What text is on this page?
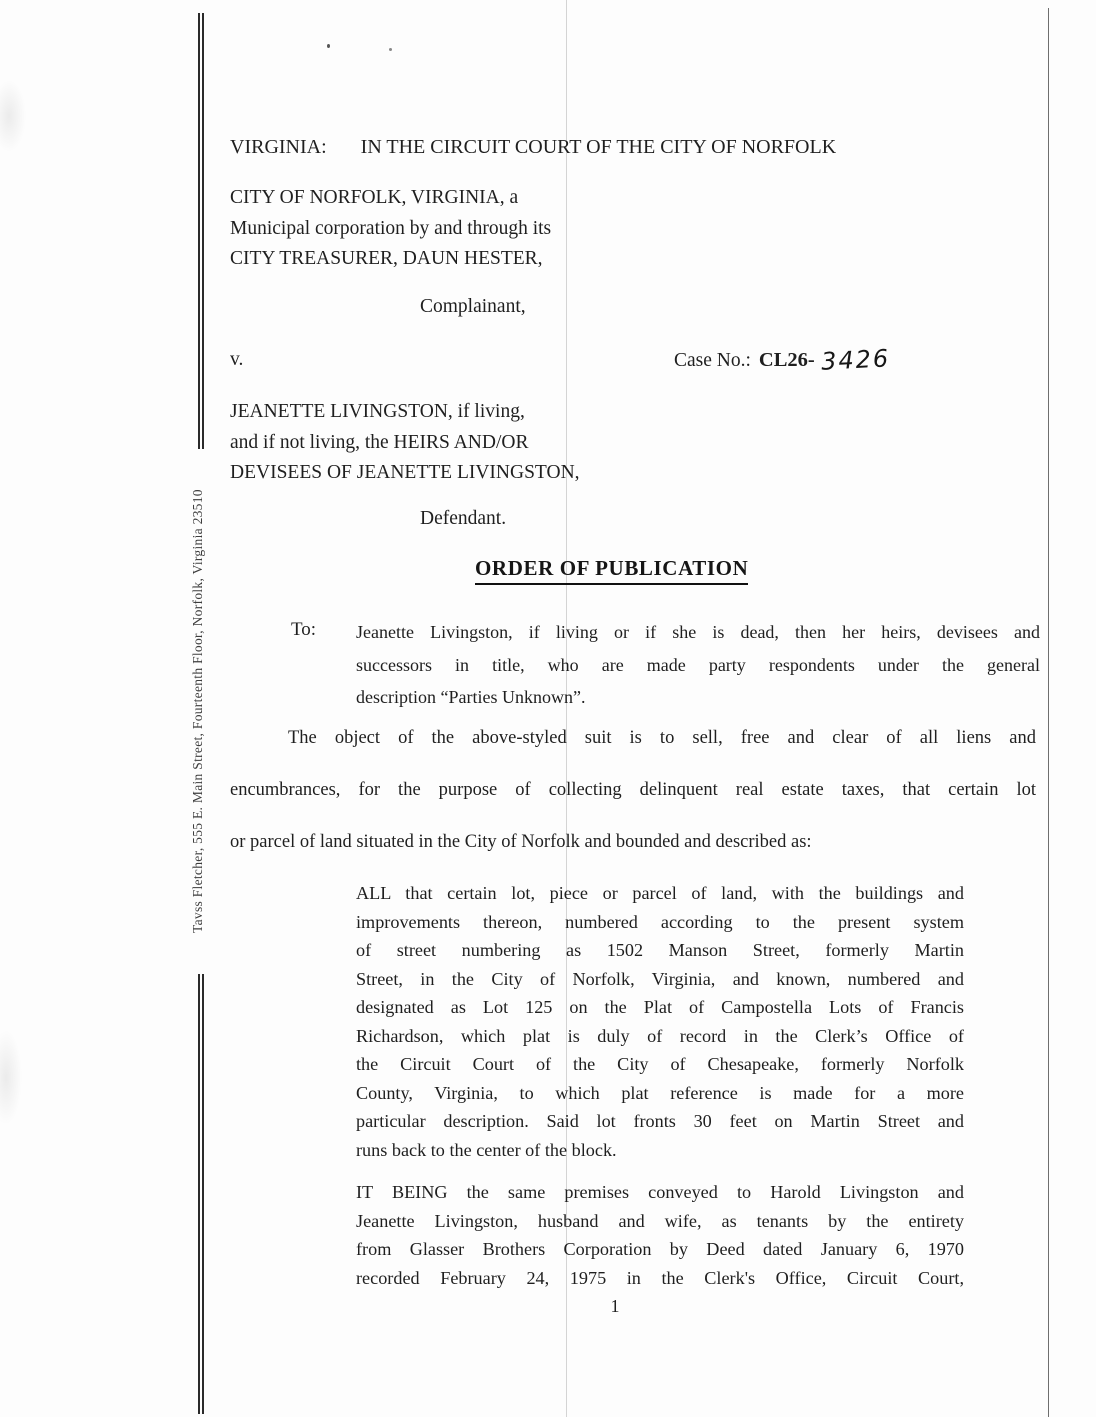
Tavss Fletcher, 555 E. Main Street, Fourteenth Floor, Norfolk, Virginia 23510
VIRGINIA: IN THE CIRCUIT COURT OF THE CITY OF NORFOLK
CITY OF NORFOLK, VIRGINIA, a
Municipal corporation by and through its
CITY TREASURER, DAUN HESTER,
Complainant,
v.	Case No.: CL26- 3426
JEANETTE LIVINGSTON, if living,
and if not living, the HEIRS AND/OR
DEVISEES OF JEANETTE LIVINGSTON,
Defendant.
ORDER OF PUBLICATION
To: Jeanette Livingston, if living or if she is dead, then her heirs, devisees and
successors in title, who are made party respondents under the general
description “Parties Unknown”.
The object of the above-styled suit is to sell, free and clear of all liens and
encumbrances, for the purpose of collecting delinquent real estate taxes, that certain lot
or parcel of land situated in the City of Norfolk and bounded and described as:
ALL that certain lot, piece or parcel of land, with the buildings and
improvements thereon, numbered according to the present system
of street numbering as 1502 Manson Street, formerly Martin
Street, in the City of Norfolk, Virginia, and known, numbered and
designated as Lot 125 on the Plat of Campostella Lots of Francis
Richardson, which plat is duly of record in the Clerk’s Office of
the Circuit Court of the City of Chesapeake, formerly Norfolk
County, Virginia, to which plat reference is made for a more
particular description. Said lot fronts 30 feet on Martin Street and
runs back to the center of the block.
IT BEING the same premises conveyed to Harold Livingston and
Jeanette Livingston, husband and wife, as tenants by the entirety
from Glasser Brothers Corporation by Deed dated January 6, 1970
recorded February 24, 1975 in the Clerk's Office, Circuit Court,
1
